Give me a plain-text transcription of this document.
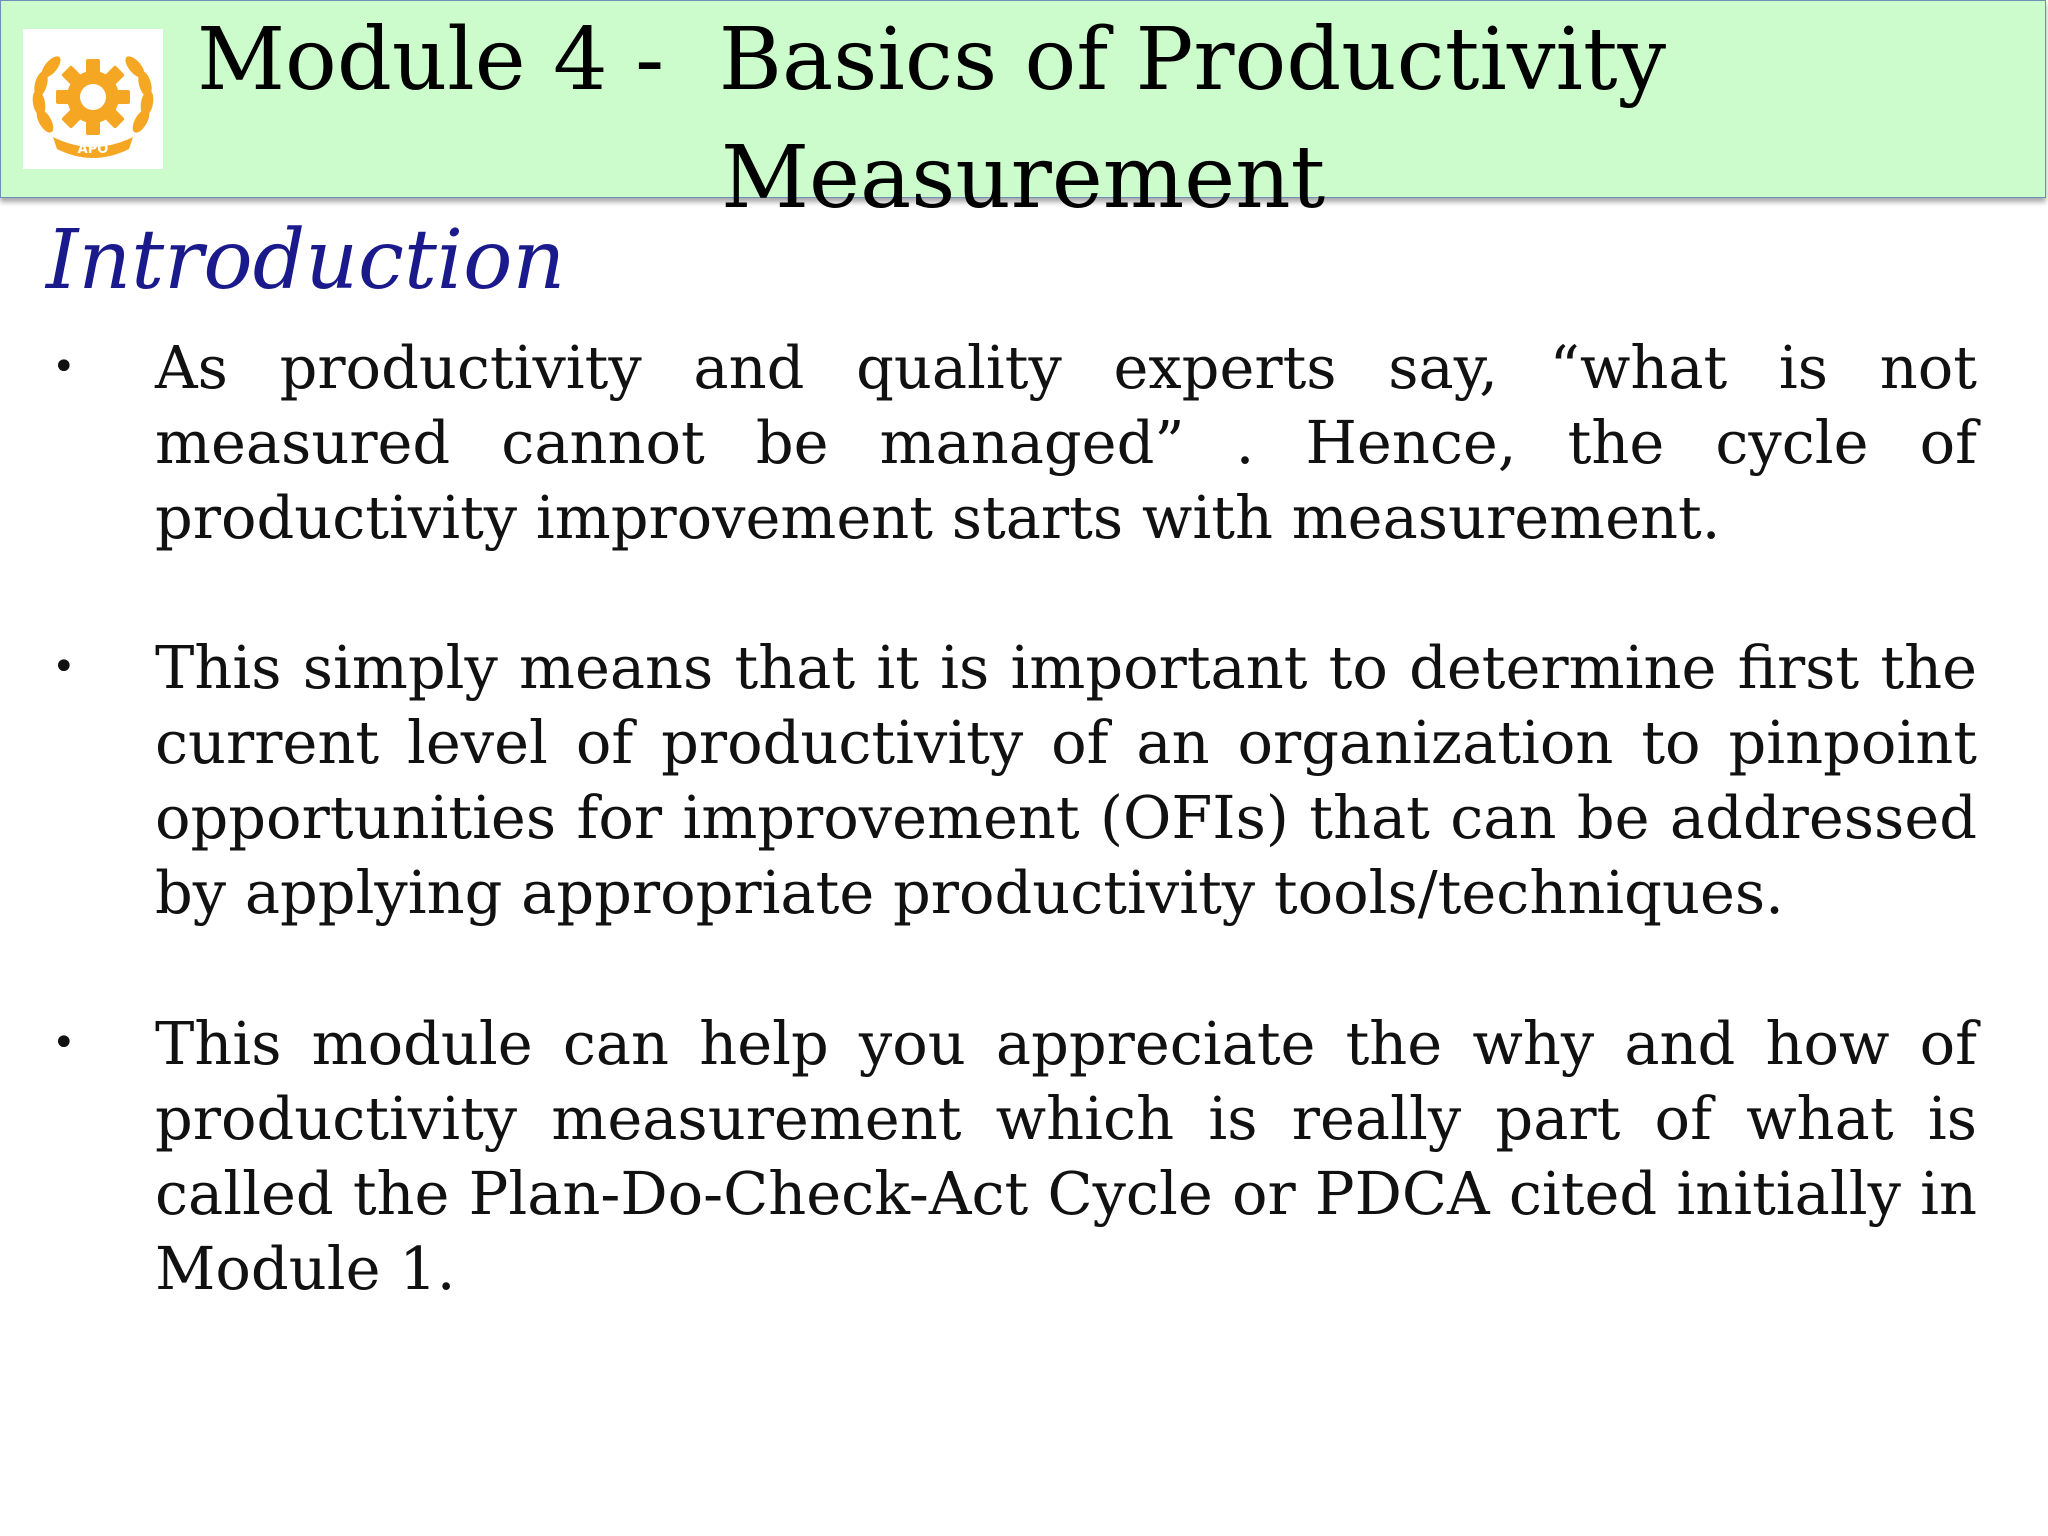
APO
Module 4 -  Basics of Productivity
Measurement
Introduction
• As productivity and quality experts say, “what is not measured cannot be managed” . Hence, the cycle of productivity improvement starts with measurement.
• This simply means that it is important to determine first the current level of productivity of an organization to pinpoint opportunities for improvement (OFIs) that can be addressed by applying appropriate productivity tools/techniques.
• This module can help you appreciate the why and how of productivity measurement which is really part of what is called the Plan-Do-Check-Act Cycle or PDCA cited initially in Module 1.
